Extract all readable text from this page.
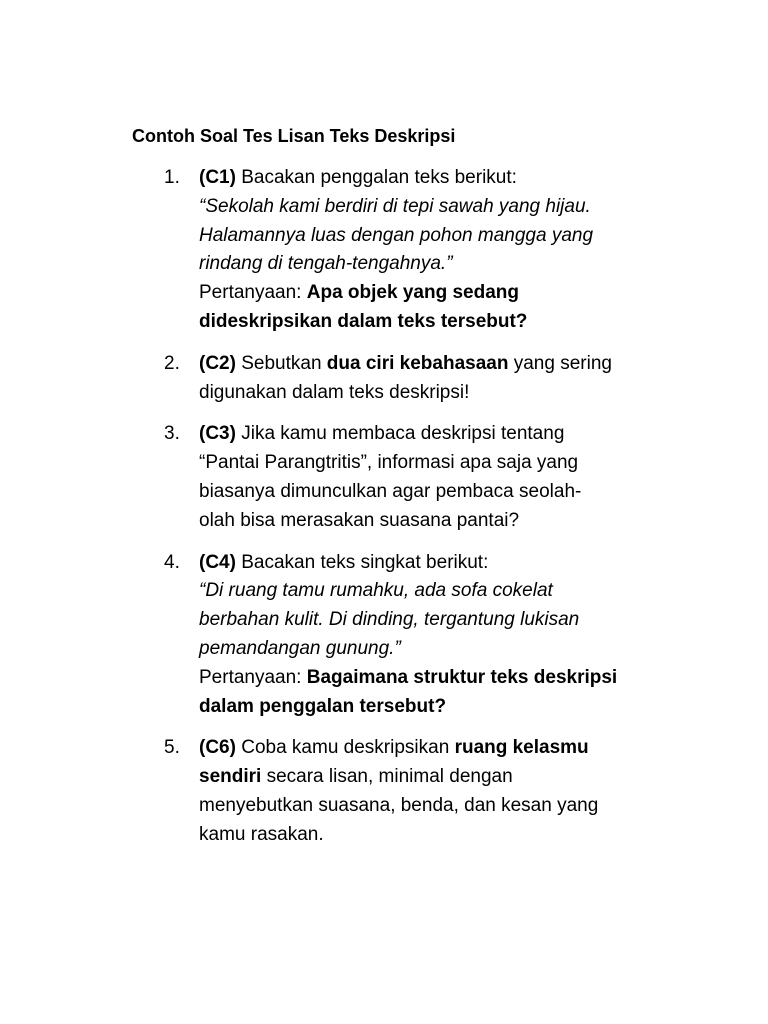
Contoh Soal Tes Lisan Teks Deskripsi
1. (C1) Bacakan penggalan teks berikut:
“Sekolah kami berdiri di tepi sawah yang hijau.
Halamannya luas dengan pohon mangga yang
rindang di tengah-tengahnya.”
Pertanyaan: Apa objek yang sedang
dideskripsikan dalam teks tersebut?
2. (C2) Sebutkan dua ciri kebahasaan yang sering
digunakan dalam teks deskripsi!
3. (C3) Jika kamu membaca deskripsi tentang
“Pantai Parangtritis”, informasi apa saja yang
biasanya dimunculkan agar pembaca seolah-
olah bisa merasakan suasana pantai?
4. (C4) Bacakan teks singkat berikut:
“Di ruang tamu rumahku, ada sofa cokelat
berbahan kulit. Di dinding, tergantung lukisan
pemandangan gunung.”
Pertanyaan: Bagaimana struktur teks deskripsi
dalam penggalan tersebut?
5. (C6) Coba kamu deskripsikan ruang kelasmu
sendiri secara lisan, minimal dengan
menyebutkan suasana, benda, dan kesan yang
kamu rasakan.
